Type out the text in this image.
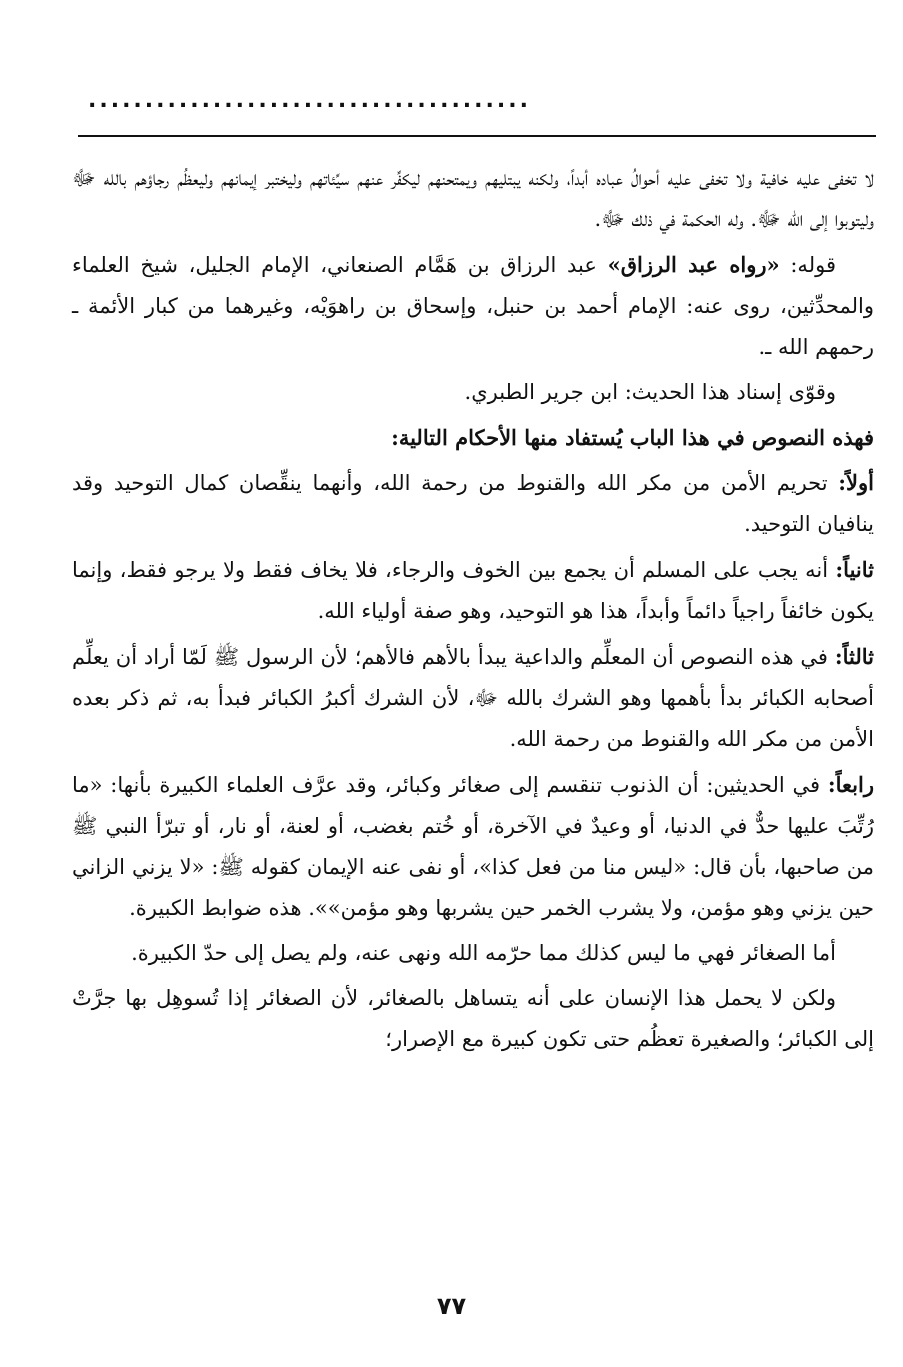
.......................................

لا تخفى عليه خافية ولا تخفى عليه أحوالُ عباده أبداً، ولكنه يبتليهم ويمتحنهم ليكفِّر عنهم سيِّئاتهم وليختبر إيمانهم وليعظُم رجاؤهم بالله ﷻ وليتوبوا إلى الله ﷻ. وله الحكمة في ذلك ﷻ.

قوله: «رواه عبد الرزاق» عبد الرزاق بن هَمَّام الصنعاني، الإمام الجليل، شيخ العلماء والمحدِّثين، روى عنه: الإمام أحمد بن حنبل، وإسحاق بن راهوَيْه، وغيرهما من كبار الأئمة ـ رحمهم الله ـ.

وقوّى إسناد هذا الحديث: ابن جرير الطبري.

فهذه النصوص في هذا الباب يُستفاد منها الأحكام التالية:

أولاً: تحريم الأمن من مكر الله والقنوط من رحمة الله، وأنهما ينقِّصان كمال التوحيد وقد ينافيان التوحيد.

ثانياً: أنه يجب على المسلم أن يجمع بين الخوف والرجاء، فلا يخاف فقط ولا يرجو فقط، وإنما يكون خائفاً راجياً دائماً وأبداً، هذا هو التوحيد، وهو صفة أولياء الله.

ثالثاً: في هذه النصوص أن المعلِّم والداعية يبدأ بالأهم فالأهم؛ لأن الرسول ﷺ لَمّا أراد أن يعلِّم أصحابه الكبائر بدأ بأهمها وهو الشرك بالله ﷻ، لأن الشرك أكبرُ الكبائر فبدأ به، ثم ذكر بعده الأمن من مكر الله والقنوط من رحمة الله.

رابعاً: في الحديثين: أن الذنوب تنقسم إلى صغائر وكبائر، وقد عرَّف العلماء الكبيرة بأنها: «ما رُتِّبَ عليها حدٌّ في الدنيا، أو وعيدٌ في الآخرة، أو خُتم بغضب، أو لعنة، أو نار، أو تبرّأ النبي ﷺ من صاحبها، بأن قال: «ليس منا من فعل كذا»، أو نفى عنه الإيمان كقوله ﷺ: «لا يزني الزاني حين يزني وهو مؤمن، ولا يشرب الخمر حين يشربها وهو مؤمن»». هذه ضوابط الكبيرة.

أما الصغائر فهي ما ليس كذلك مما حرّمه الله ونهى عنه، ولم يصل إلى حدّ الكبيرة.

ولكن لا يحمل هذا الإنسان على أنه يتساهل بالصغائر، لأن الصغائر إذا تُسوهِل بها جرَّتْ إلى الكبائر؛ والصغيرة تعظُم حتى تكون كبيرة مع الإصرار؛

٧٧
